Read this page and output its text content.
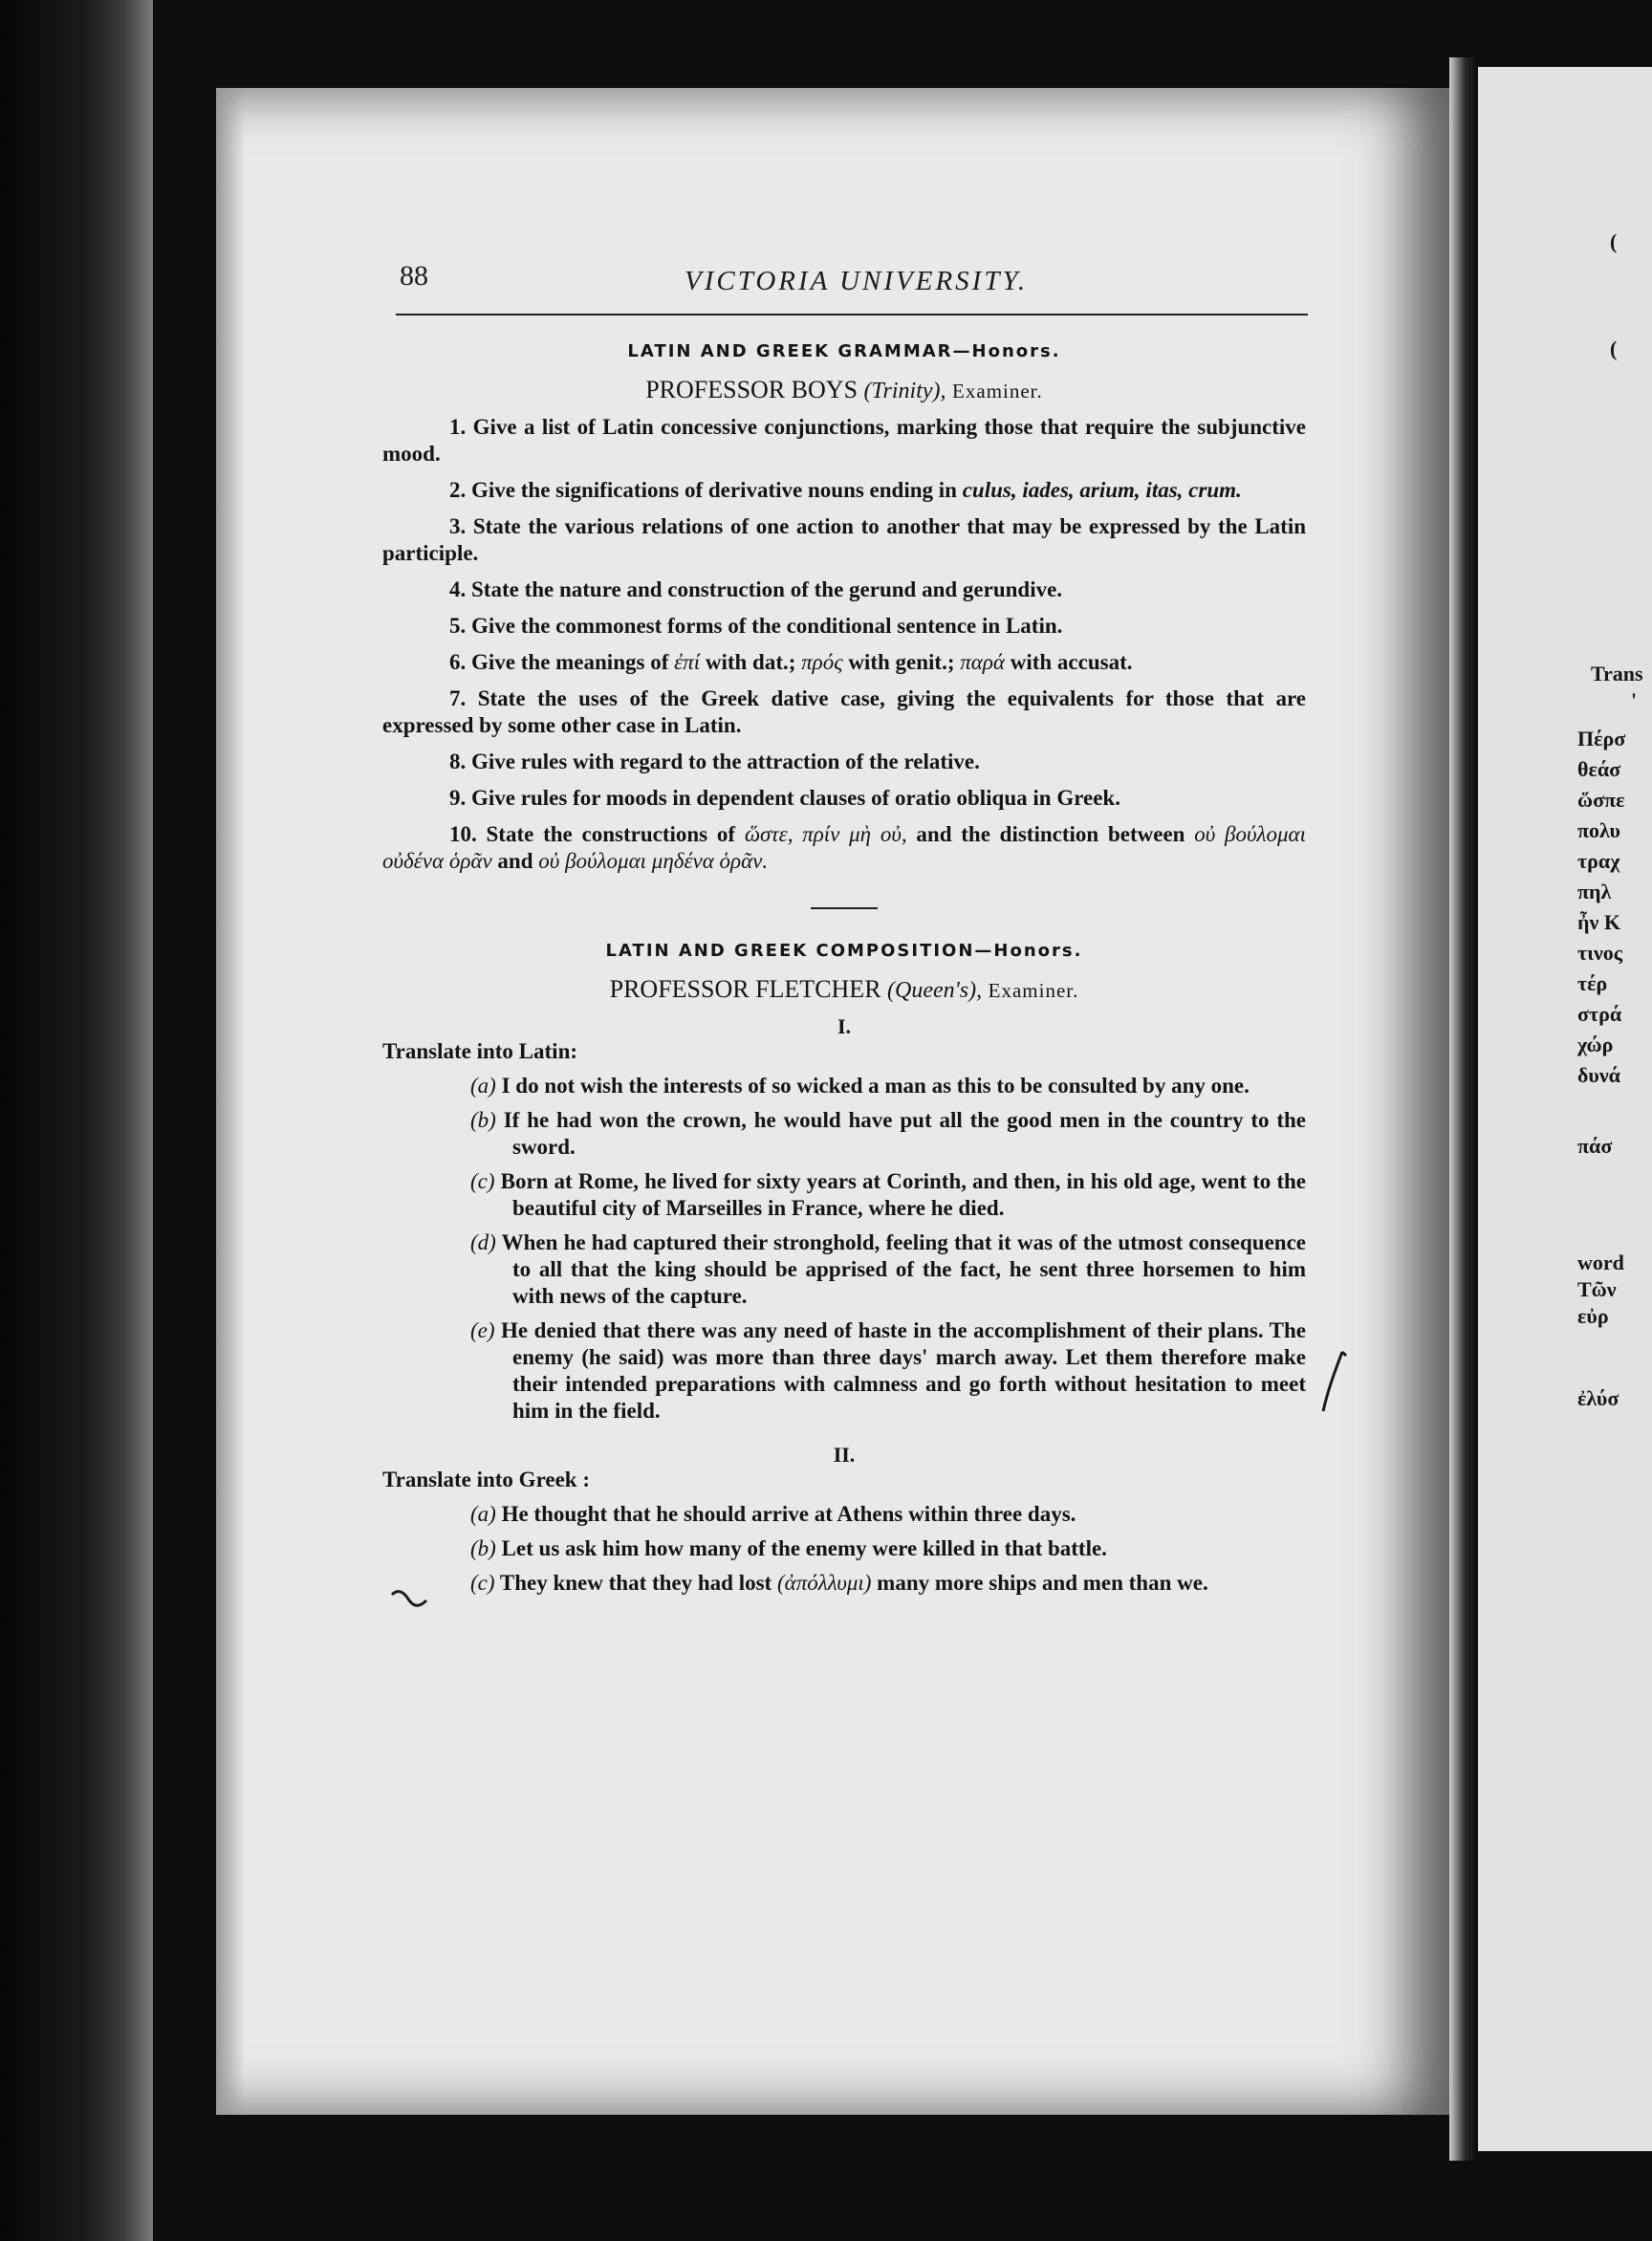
(
(
Trans
'
Πέρσ
θεάσ
ὥσπε
πολυ
τραχ
πηλ
ἦν Κ
τινος
τέρ
στρά
χώρ
δυνά
πάσ
word
Τῶν
εὐρ
ἐλύσ
88	VICTORIA UNIVERSITY.
LATIN AND GREEK GRAMMAR—Honors.
PROFESSOR BOYS (Trinity), Examiner.

1. Give a list of Latin concessive conjunctions, marking those that require the subjunctive mood.

2. Give the significations of derivative nouns ending in culus, iades, arium, itas, crum.

3. State the various relations of one action to another that may be expressed by the Latin participle.

4. State the nature and construction of the gerund and gerundive.

5. Give the commonest forms of the conditional sentence in Latin.

6. Give the meanings of ἐπί with dat.; πρός with genit.; παρά with accusat.

7. State the uses of the Greek dative case, giving the equivalents for those that are expressed by some other case in Latin.

8. Give rules with regard to the attraction of the relative.

9. Give rules for moods in dependent clauses of oratio obliqua in Greek.

10. State the constructions of ὥστε, πρίν μὴ οὐ, and the distinction between οὐ βούλομαι οὐδένα ὁρᾶν and οὐ βούλομαι μηδένα ὁρᾶν.

LATIN AND GREEK COMPOSITION—Honors.
PROFESSOR FLETCHER (Queen's), Examiner.
I.
Translate into Latin:
(a) I do not wish the interests of so wicked a man as this to be consulted by any one.
(b) If he had won the crown, he would have put all the good men in the country to the sword.
(c) Born at Rome, he lived for sixty years at Corinth, and then, in his old age, went to the beautiful city of Marseilles in France, where he died.
(d) When he had captured their stronghold, feeling that it was of the utmost consequence to all that the king should be apprised of the fact, he sent three horsemen to him with news of the capture.
(e) He denied that there was any need of haste in the accomplishment of their plans. The enemy (he said) was more than three days' march away. Let them therefore make their intended preparations with calmness and go forth without hesitation to meet him in the field.
II.
Translate into Greek :
(a) He thought that he should arrive at Athens within three days.
(b) Let us ask him how many of the enemy were killed in that battle.
(c) They knew that they had lost (ἀπόλλυμι) many more ships and men than we.
